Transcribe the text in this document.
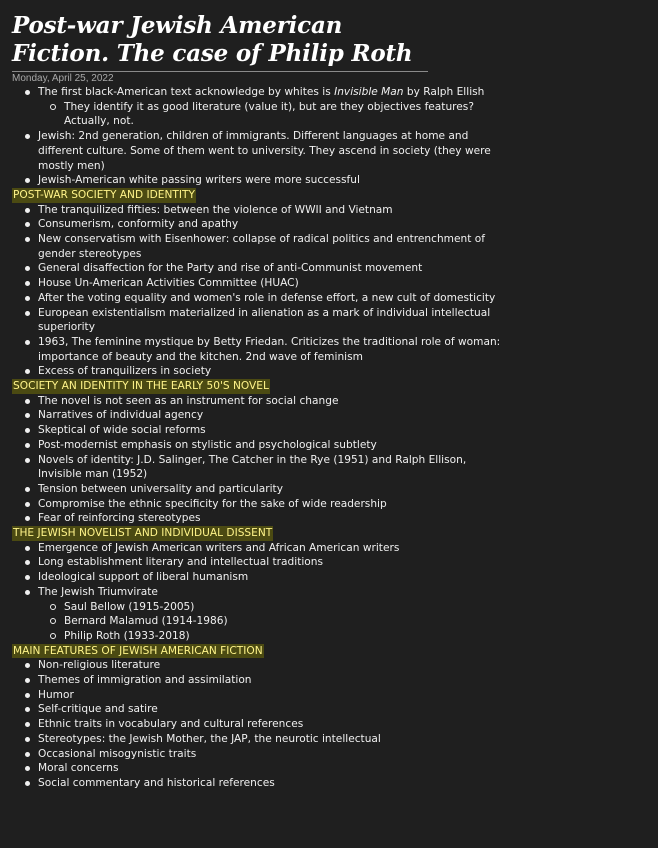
Post-war Jewish American Fiction. The case of Philip Roth
Monday, April 25, 2022
The first black-American text acknowledge by whites is Invisible Man by Ralph Ellish
They identify it as good literature (value it), but are they objectives features? Actually, not.
Jewish: 2nd generation, children of immigrants. Different languages at home and different culture. Some of them went to university. They ascend in society (they were mostly men)
Jewish-American white passing writers were more successful
POST-WAR SOCIETY AND IDENTITY
The tranquilized fifties: between the violence of WWII and Vietnam
Consumerism, conformity and apathy
New conservatism with Eisenhower: collapse of radical politics and entrenchment of gender stereotypes
General disaffection for the Party and rise of anti-Communist movement
House Un-American Activities Committee (HUAC)
After the voting equality and women's role in defense effort, a new cult of domesticity
European existentialism materialized in alienation as a mark of individual intellectual superiority
1963, The feminine mystique by Betty Friedan. Criticizes the traditional role of woman: importance of beauty and the kitchen. 2nd wave of feminism
Excess of tranquilizers in society
SOCIETY AN IDENTITY IN THE EARLY 50'S NOVEL
The novel is not seen as an instrument for social change
Narratives of individual agency
Skeptical of wide social reforms
Post-modernist emphasis on stylistic and psychological subtlety
Novels of identity: J.D. Salinger, The Catcher in the Rye (1951) and Ralph Ellison, Invisible man (1952)
Tension between universality and particularity
Compromise the ethnic specificity for the sake of wide readership
Fear of reinforcing stereotypes
THE JEWISH NOVELIST AND INDIVIDUAL DISSENT
Emergence of Jewish American writers and African American writers
Long establishment literary and intellectual traditions
Ideological support of liberal humanism
The Jewish Triumvirate
Saul Bellow (1915-2005)
Bernard Malamud (1914-1986)
Philip Roth (1933-2018)
MAIN FEATURES OF JEWISH AMERICAN FICTION
Non-religious literature
Themes of immigration and assimilation
Humor
Self-critique and satire
Ethnic traits in vocabulary and cultural references
Stereotypes: the Jewish Mother, the JAP, the neurotic intellectual
Occasional misogynistic traits
Moral concerns
Social commentary and historical references
